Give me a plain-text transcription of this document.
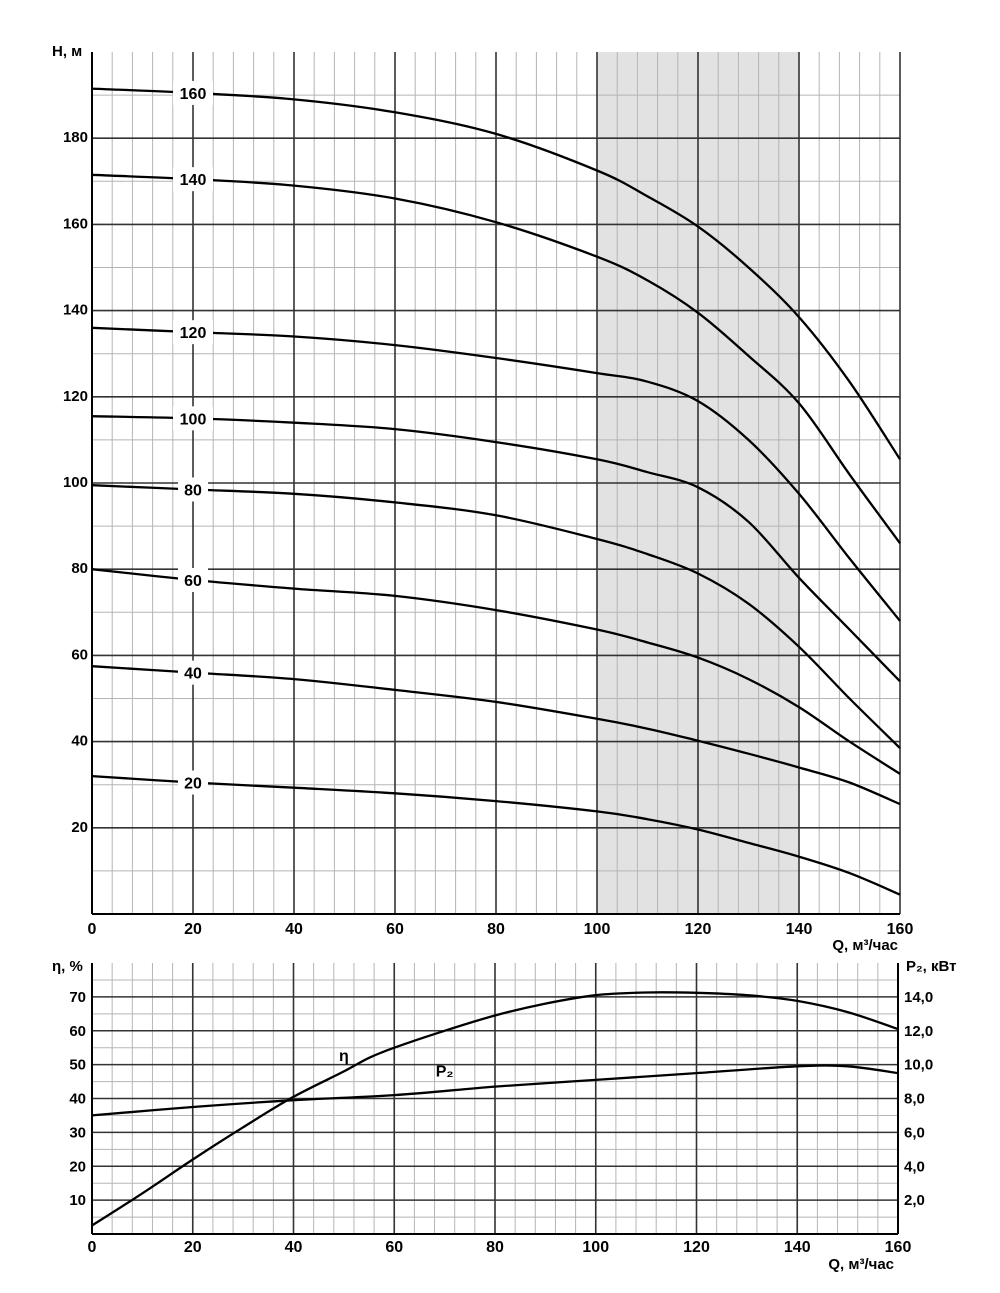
20
40
60
80
100
120
140
160
20
40
60
80
100
120
140
160
180
0	20	40	60	80	100	120	140	160
H, м
Q, м³/час
η
P₂
10
20
30
40
50
60
70
2,0
4,0
6,0
8,0
10,0
12,0
14,0
0	20	40	60	80	100	120	140	160
η, %	P₂, кВт
Q, м³/час
